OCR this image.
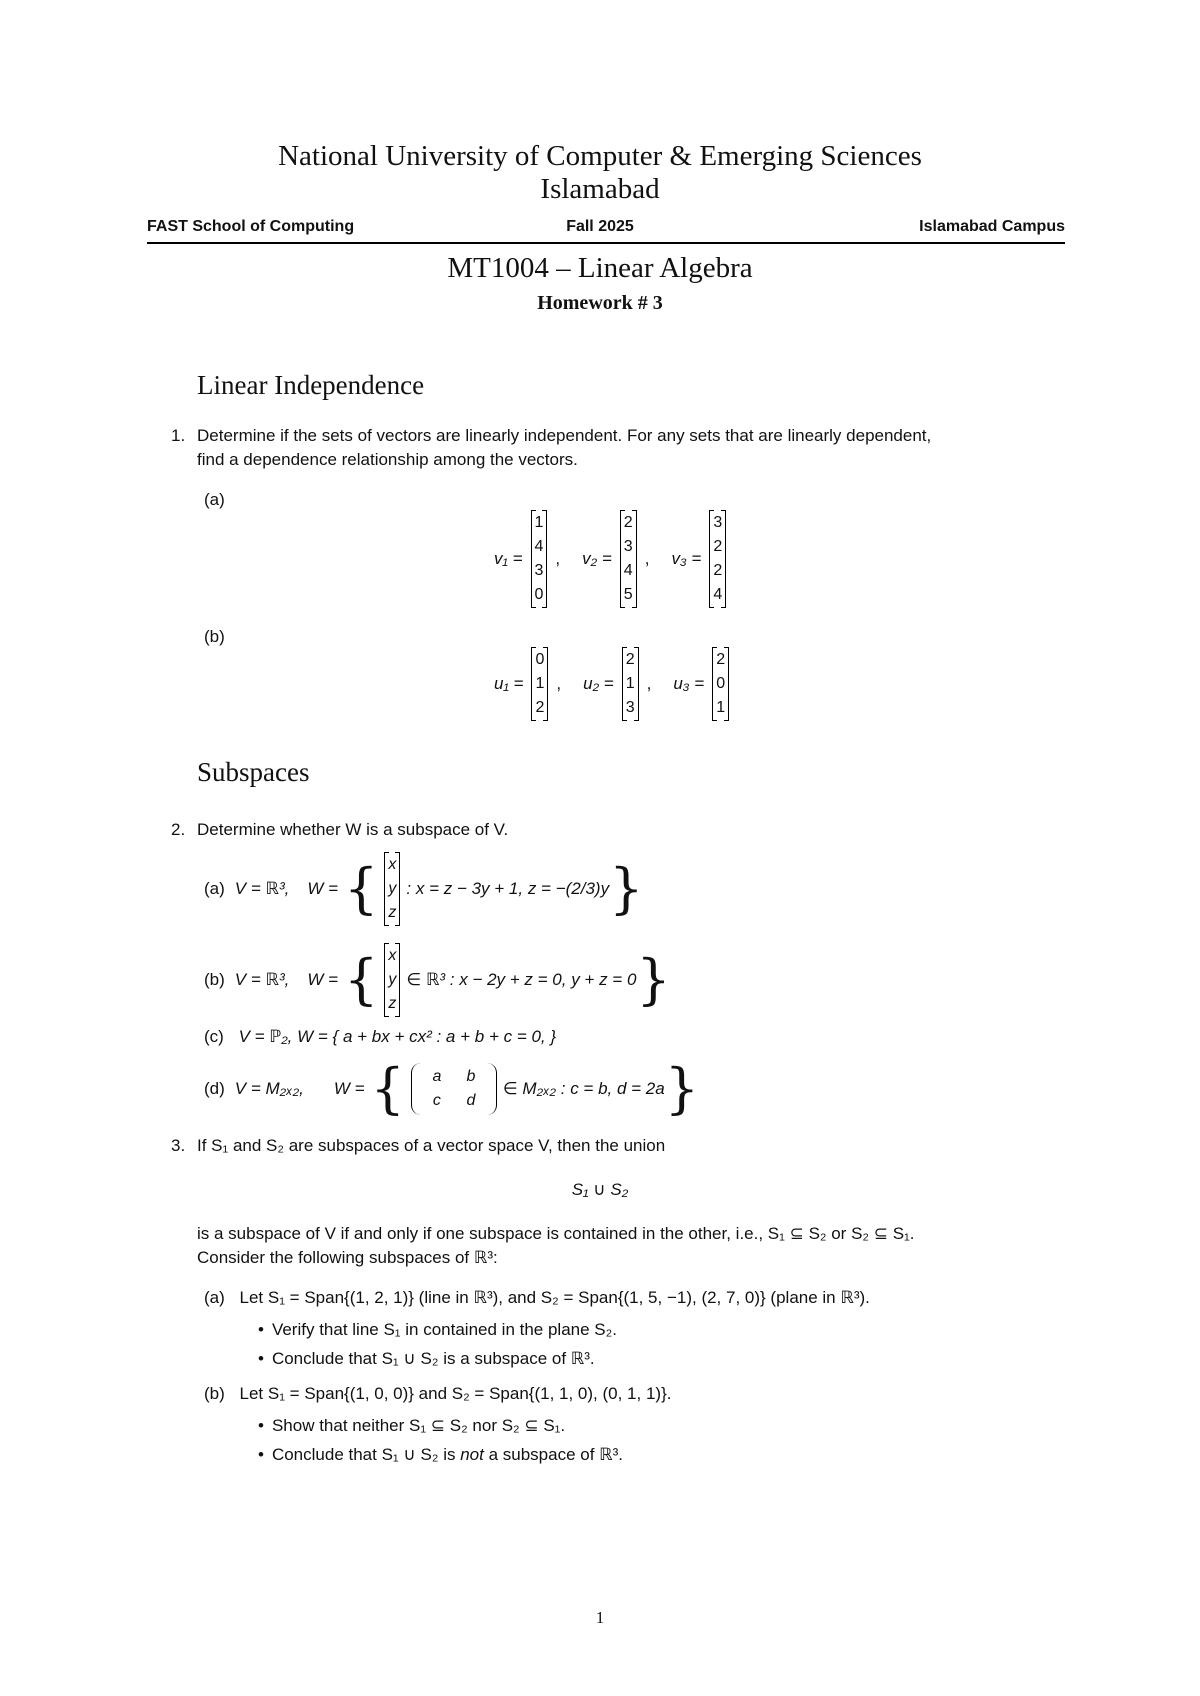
National University of Computer & Emerging Sciences
Islamabad
FAST School of Computing	Fall 2025	Islamabad Campus
MT1004 – Linear Algebra
Homework # 3
Linear Independence
1. Determine if the sets of vectors are linearly independent. For any sets that are linearly dependent,
find a dependence relationship among the vectors.
(a)
v₁ =
1
4
3
0
, v₂ =
2
3
4
5
, v₃ =
3
2
2
4
(b)
u₁ =
0
1
2
, u₂ =
2
1
3
, u₃ =
2
0
1
Subspaces
2. Determine whether W is a subspace of V.
(a) V = ℝ³, W = { x
y
z
: x = z − 3y + 1, z = −(2/3)y }
(b) V = ℝ³, W = { x
y
z
∈ ℝ³ : x − 2y + z = 0, y + z = 0 }
(c) V = ℙ₂, W = { a + bx + cx² : a + b + c = 0, }
(d) V = M₂ₓ₂, W = {	a b
c d
∈ M₂ₓ₂ : c = b, d = 2a }
3. If S₁ and S₂ are subspaces of a vector space V, then the union
S₁ ∪ S₂
is a subspace of V if and only if one subspace is contained in the other, i.e., S₁ ⊆ S₂ or S₂ ⊆ S₁.
Consider the following subspaces of ℝ³:
(a) Let S₁ = Span{(1, 2, 1)} (line in ℝ³), and S₂ = Span{(1, 5, −1), (2, 7, 0)} (plane in ℝ³).
• Verify that line S₁ in contained in the plane S₂.
• Conclude that S₁ ∪ S₂ is a subspace of ℝ³.
(b) Let S₁ = Span{(1, 0, 0)} and S₂ = Span{(1, 1, 0), (0, 1, 1)}.
• Show that neither S₁ ⊆ S₂ nor S₂ ⊆ S₁.
• Conclude that S₁ ∪ S₂ is not a subspace of ℝ³.
1
